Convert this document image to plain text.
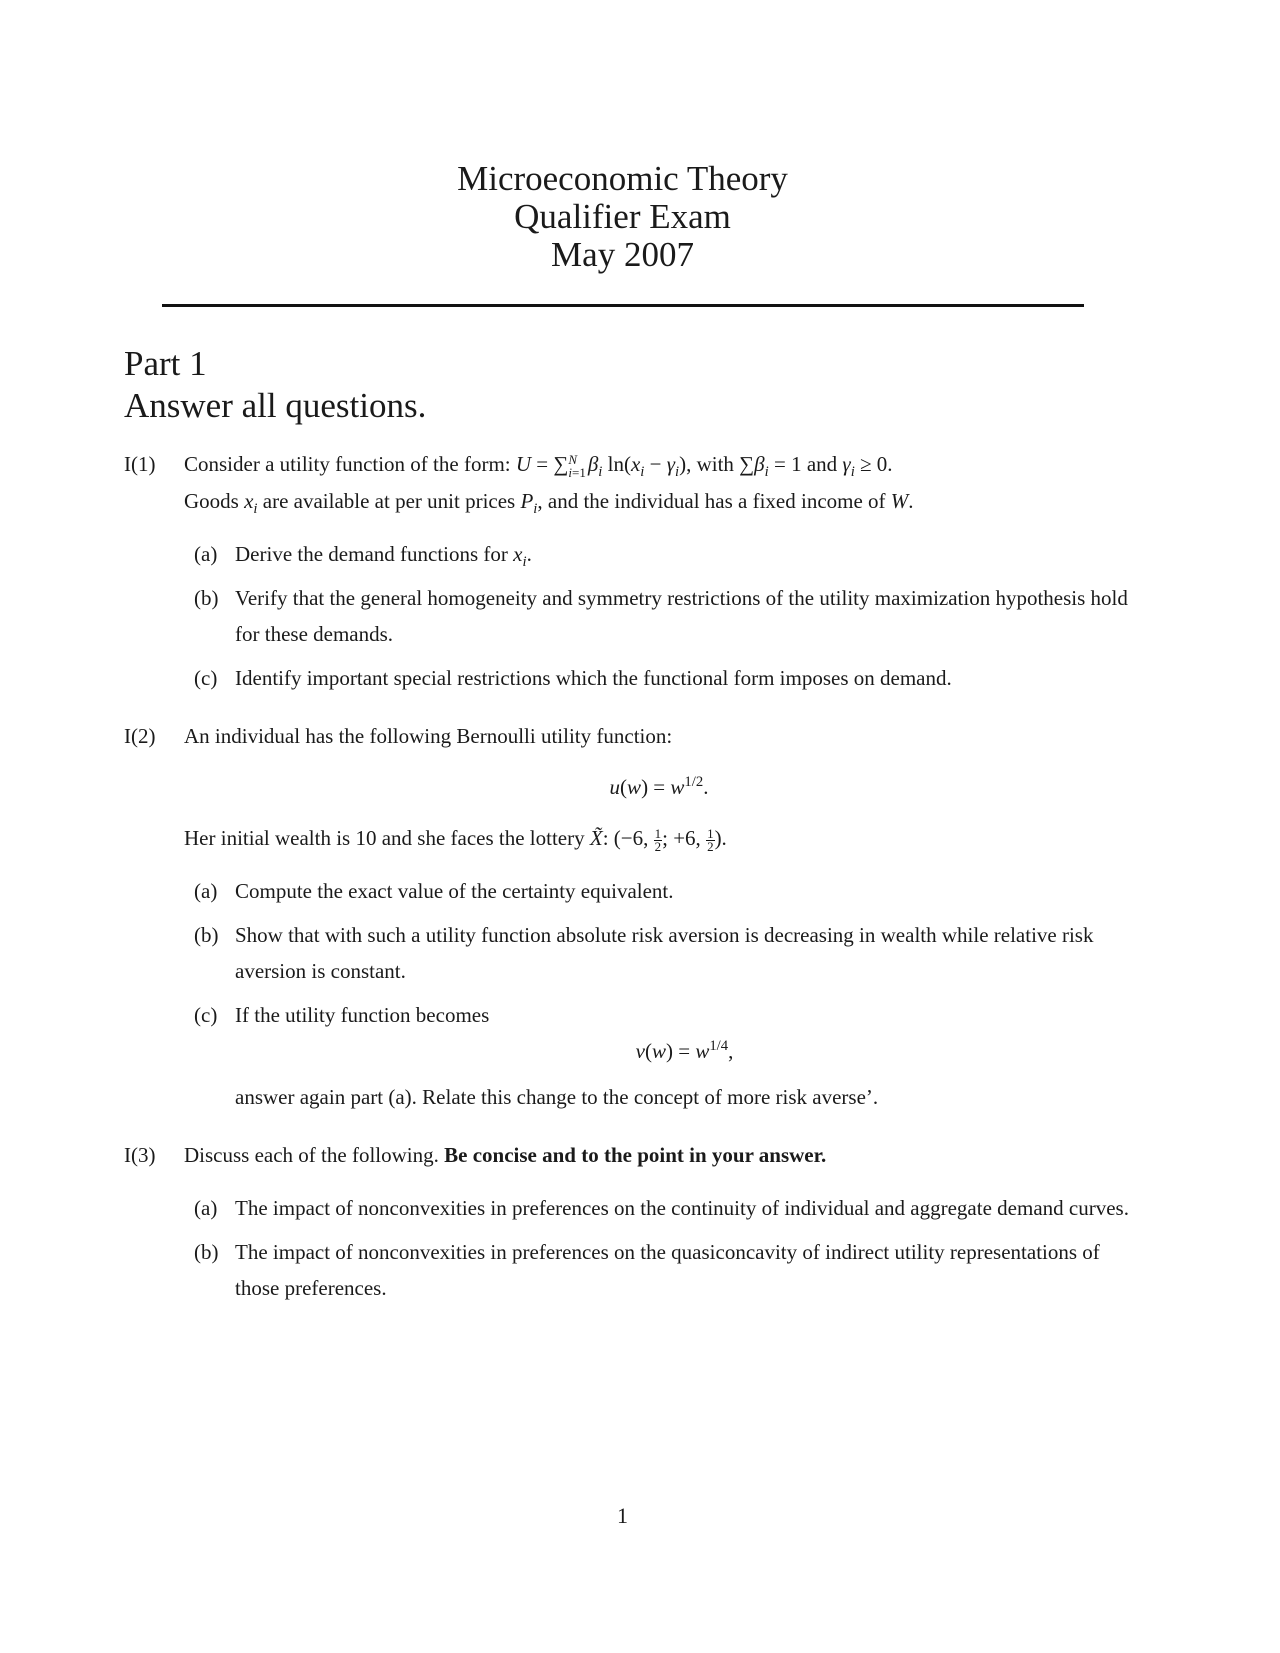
Microeconomic Theory
Qualifier Exam
May 2007
Part 1
Answer all questions.
I(1) Consider a utility function of the form: U = ∑ N
i=1 $\beta_i$ $\ln(x_i - \gamma_i)$, with $\sum\beta_i = 1$ and $\gamma_i \ge 0$.
Goods $x_i$ are available at per unit prices $P_i$, and the individual has a fixed income of W.
(a) Derive the demand functions for $x_i$.
(b) Verify that the general homogeneity and symmetry restrictions of the utility maximization hypothesis hold for these demands.
(c) Identify important special restrictions which the functional form imposes on demand.
I(2) An individual has the following Bernoulli utility function:
$u(w) = w^{1/2}$.
Her initial wealth is 10 and she faces the lottery X̃: (−6, $\frac{1}{2}$ ; +6, $\frac{1}{2}$ ).
(a) Compute the exact value of the certainty equivalent.
(b) Show that with such a utility function absolute risk aversion is decreasing in wealth while relative risk aversion is constant.
(c) If the utility function becomes
$v(w) = w^{1/4}$,
answer again part (a). Relate this change to the concept of more risk averse’.
I(3) Discuss each of the following. Be concise and to the point in your answer.
(a) The impact of nonconvexities in preferences on the continuity of individual and aggregate demand curves.
(b) The impact of nonconvexities in preferences on the quasiconcavity of indirect utility representations of those preferences.
1
